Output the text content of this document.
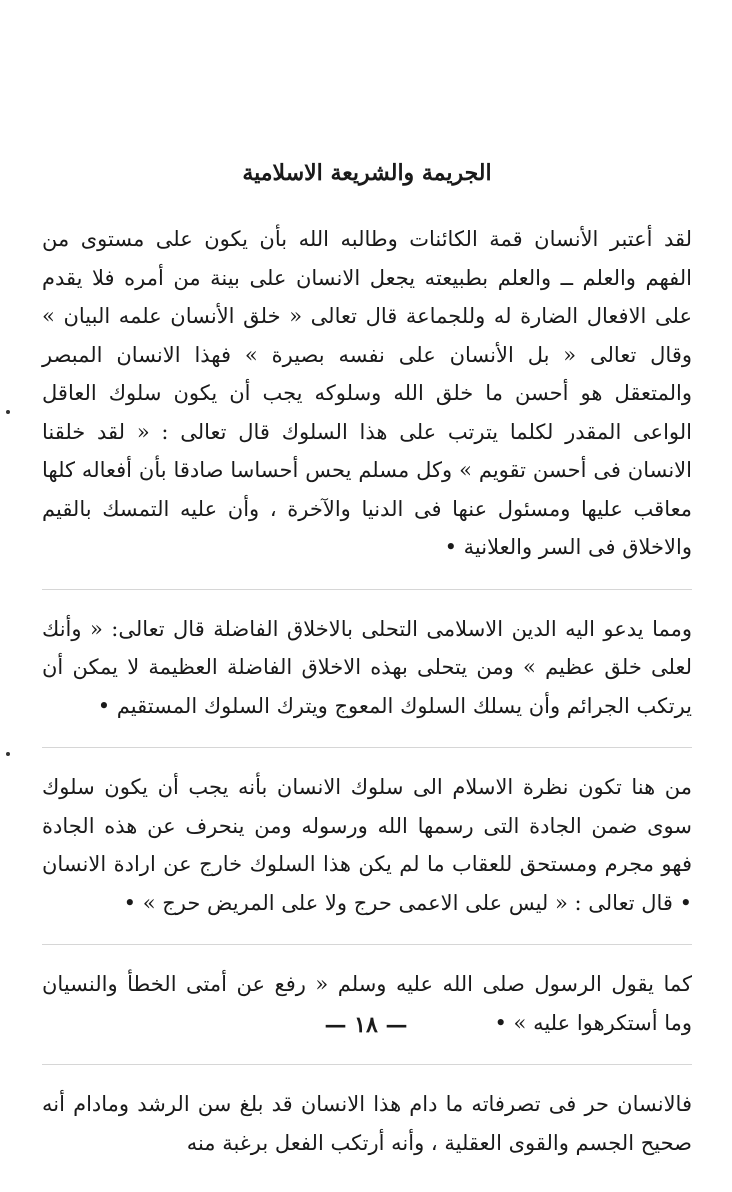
الجريمة والشريعة الاسلامية

لقد أعتبر الأنسان قمة الكائنات وطالبه الله بأن يكون على مستوى من الفهم والعلم ــ والعلم بطبيعته يجعل الانسان على بينة من أمره فلا يقدم على الافعال الضارة له وللجماعة قال تعالى « خلق الأنسان علمه البيان » وقال تعالى « بل الأنسان على نفسه بصيرة » فهذا الانسان المبصر والمتعقل هو أحسن ما خلق الله وسلوكه يجب أن يكون سلوك العاقل الواعى المقدر لكلما يترتب على هذا السلوك قال تعالى : « لقد خلقنا الانسان فى أحسن تقويم » وكل مسلم يحس أحساسا صادقا بأن أفعاله كلها معاقب عليها ومسئول عنها فى الدنيا والآخرة ، وأن عليه التمسك بالقيم والاخلاق فى السر والعلانية •

ومما يدعو اليه الدين الاسلامى التحلى بالاخلاق الفاضلة قال تعالى: « وأنك لعلى خلق عظيم » ومن يتحلى بهذه الاخلاق الفاضلة العظيمة لا يمكن أن يرتكب الجرائم وأن يسلك السلوك المعوج ويترك السلوك المستقيم •

من هنا تكون نظرة الاسلام الى سلوك الانسان بأنه يجب أن يكون سلوك سوى ضمن الجادة التى رسمها الله ورسوله ومن ينحرف عن هذه الجادة فهو مجرم ومستحق للعقاب ما لم يكن هذا السلوك خارج عن ارادة الانسان • قال تعالى : « ليس على الاعمى حرج ولا على المريض حرج » •

كما يقول الرسول صلى الله عليه وسلم « رفع عن أمتى الخطأ والنسيان وما أستكرهوا عليه » •

فالانسان حر فى تصرفاته ما دام هذا الانسان قد بلغ سن الرشد ومادام أنه صحيح الجسم والقوى العقلية ، وأنه أرتكب الفعل برغبة منه

— ١٨ —
